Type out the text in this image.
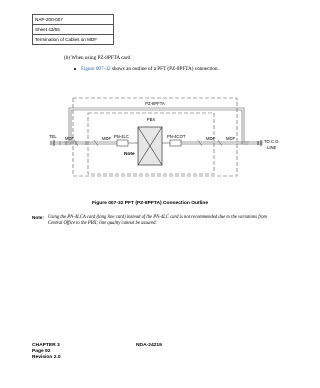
NAP-200-007
Sheet 43/55
Termination of Cables on MDF
(b) When using PZ-8PFTA card
Figure 007-32 shows an outline of a PFT (PZ-8PFTA) connection.
PZ-8PFTA
PBX
TEL MDF	MDF	MDF	MDF
PN-4LC	PN-4COT
TO C.O.
LINE
Note
Figure 007-32 PFT (PZ-8PFTA) Connection Outline
Note: Using the PN-4LCA card (long line card) instead of the PN-4LC card is not recommended due to the variations from
Central Office to the PBX; line quality cannot be assured.
CHAPTER 3
Page 92
Revision 2.0
NDA-24219
